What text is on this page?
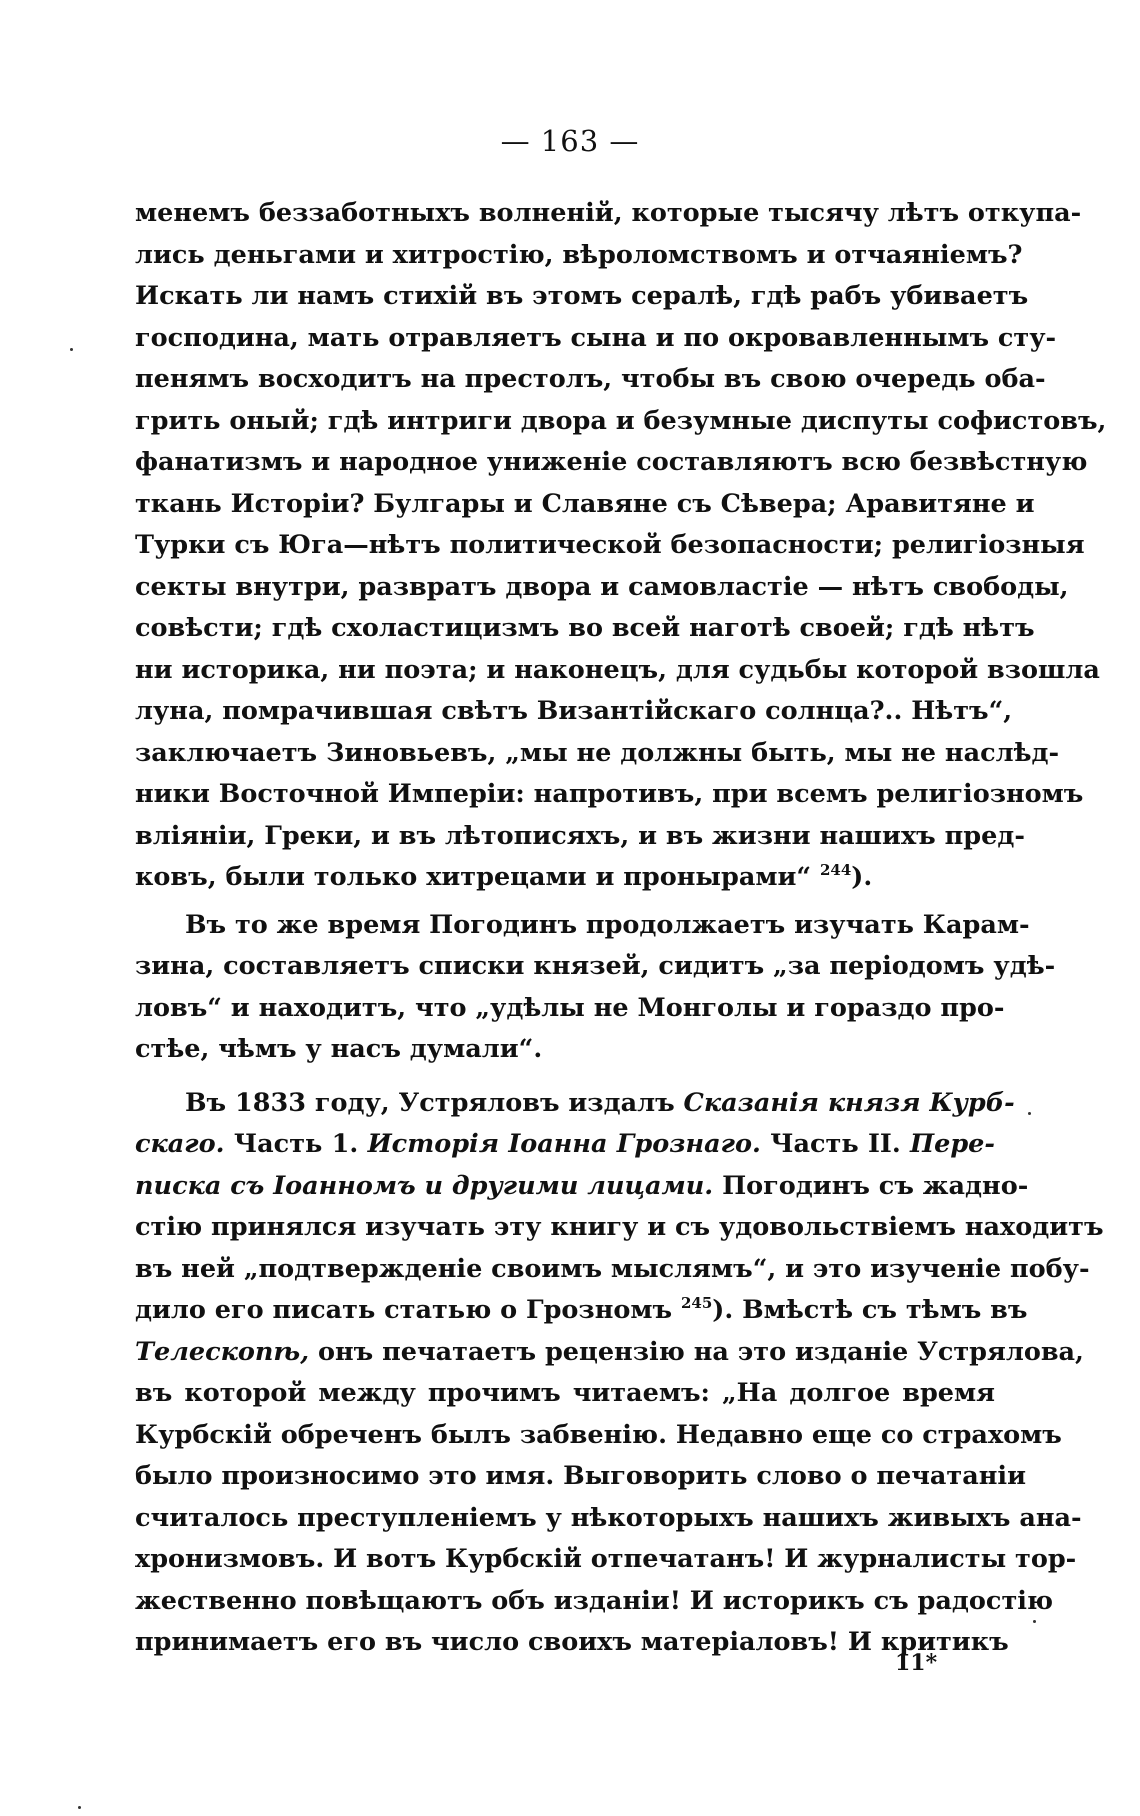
— 163 —
менемъ беззаботныхъ волненій, которые тысячу лѣтъ откупа-
лись деньгами и хитростію, вѣроломствомъ и отчаяніемъ?
Искать ли намъ стихій въ этомъ сералѣ, гдѣ рабъ убиваетъ
господина, мать отравляетъ сына и по окровавленнымъ сту-
пенямъ восходитъ на престолъ, чтобы въ свою очередь оба-
грить оный; гдѣ интриги двора и безумные диспуты софистовъ,
фанатизмъ и народное униженіе составляютъ всю безвѣстную
ткань Исторіи? Булгары и Славяне съ Сѣвера; Аравитяне и
Турки съ Юга—нѣтъ политической безопасности; религіозныя
секты внутри, развратъ двора и самовластіе — нѣтъ свободы,
совѣсти; гдѣ схоластицизмъ во всей наготѣ своей; гдѣ нѣтъ
ни историка, ни поэта; и наконецъ, для судьбы которой взошла
луна, помрачившая свѣтъ Византійскаго солнца?.. Нѣтъ“,
заключаетъ Зиновьевъ, „мы не должны быть, мы не наслѣд-
ники Восточной Имперіи: напротивъ, при всемъ религіозномъ
вліяніи, Греки, и въ лѣтописяхъ, и въ жизни нашихъ пред-
ковъ, были только хитрецами и пронырами“ $^{244}$).
Въ то же время Погодинъ продолжаетъ изучать Карам-
зина, составляетъ списки князей, сидитъ „за періодомъ удѣ-
ловъ“ и находитъ, что „удѣлы не Монголы и гораздо про-
стѣе, чѣмъ у насъ думали“.
Въ 1833 году, Устряловъ издалъ Сказанія князя Курб-
скаго. Часть 1. Исторія Іоанна Грознаго. Часть II. Пере-
писка съ Іоанномъ и другими лицами. Погодинъ съ жадно-
стію принялся изучать эту книгу и съ удовольствіемъ находитъ
въ ней „подтвержденіе своимъ мыслямъ“, и это изученіе побу-
дило его писать статью о Грозномъ $^{245}$). Вмѣстѣ съ тѣмъ въ
Телескопѣ, онъ печатаетъ рецензію на это изданіе Устрялова,
въ которой между прочимъ читаемъ: „На долгое время
Курбскій обреченъ былъ забвенію. Недавно еще со страхомъ
было произносимо это имя. Выговорить слово о печатаніи
считалось преступленіемъ у нѣкоторыхъ нашихъ живыхъ ана-
хронизмовъ. И вотъ Курбскій отпечатанъ! И журналисты тор-
жественно повѣщаютъ объ изданіи! И историкъ съ радостію
принимаетъ его въ число своихъ матеріаловъ! И критикъ
11*
